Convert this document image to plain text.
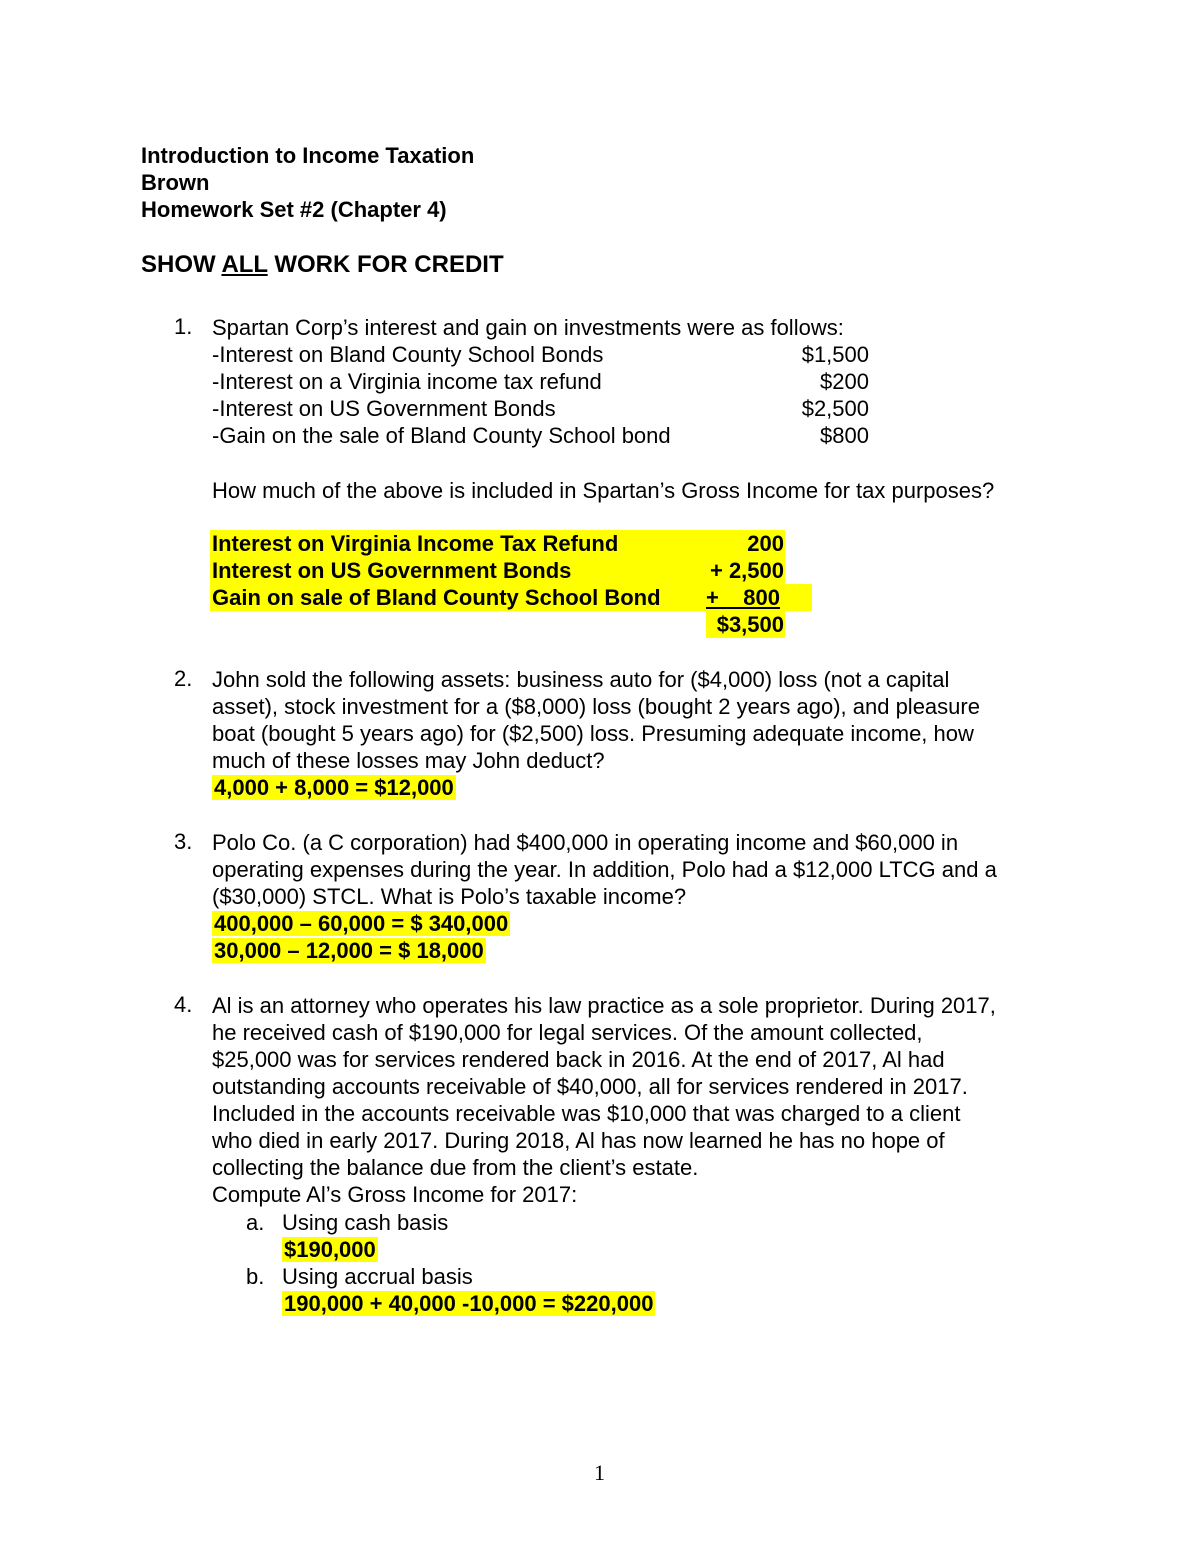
Introduction to Income Taxation
Brown
Homework Set #2 (Chapter 4)
SHOW ALL WORK FOR CREDIT
1. Spartan Corp’s interest and gain on investments were as follows:
-Interest on Bland County School Bonds	$1,500
-Interest on a Virginia income tax refund	$200
-Interest on US Government Bonds	$2,500
-Gain on the sale of Bland County School bond	$800
How much of the above is included in Spartan’s Gross Income for tax purposes?
Interest on Virginia Income Tax Refund	200
Interest on US Government Bonds	+ 2,500
Gain on sale of Bland County School Bond +    800
$3,500
2. John sold the following assets: business auto for ($4,000) loss (not a capital
asset), stock investment for a ($8,000) loss (bought 2 years ago), and pleasure
boat (bought 5 years ago) for ($2,500) loss. Presuming adequate income, how
much of these losses may John deduct?
4,000 + 8,000 = $12,000
3. Polo Co. (a C corporation) had $400,000 in operating income and $60,000 in
operating expenses during the year. In addition, Polo had a $12,000 LTCG and a
($30,000) STCL. What is Polo’s taxable income?
400,000 – 60,000 = $ 340,000
30,000 – 12,000 = $ 18,000
4. Al is an attorney who operates his law practice as a sole proprietor. During 2017,
he received cash of $190,000 for legal services. Of the amount collected,
$25,000 was for services rendered back in 2016. At the end of 2017, Al had
outstanding accounts receivable of $40,000, all for services rendered in 2017.
Included in the accounts receivable was $10,000 that was charged to a client
who died in early 2017. During 2018, Al has now learned he has no hope of
collecting the balance due from the client’s estate.
Compute Al’s Gross Income for 2017:
a. Using cash basis
$190,000
b. Using accrual basis
190,000 + 40,000 -10,000 = $220,000
1
